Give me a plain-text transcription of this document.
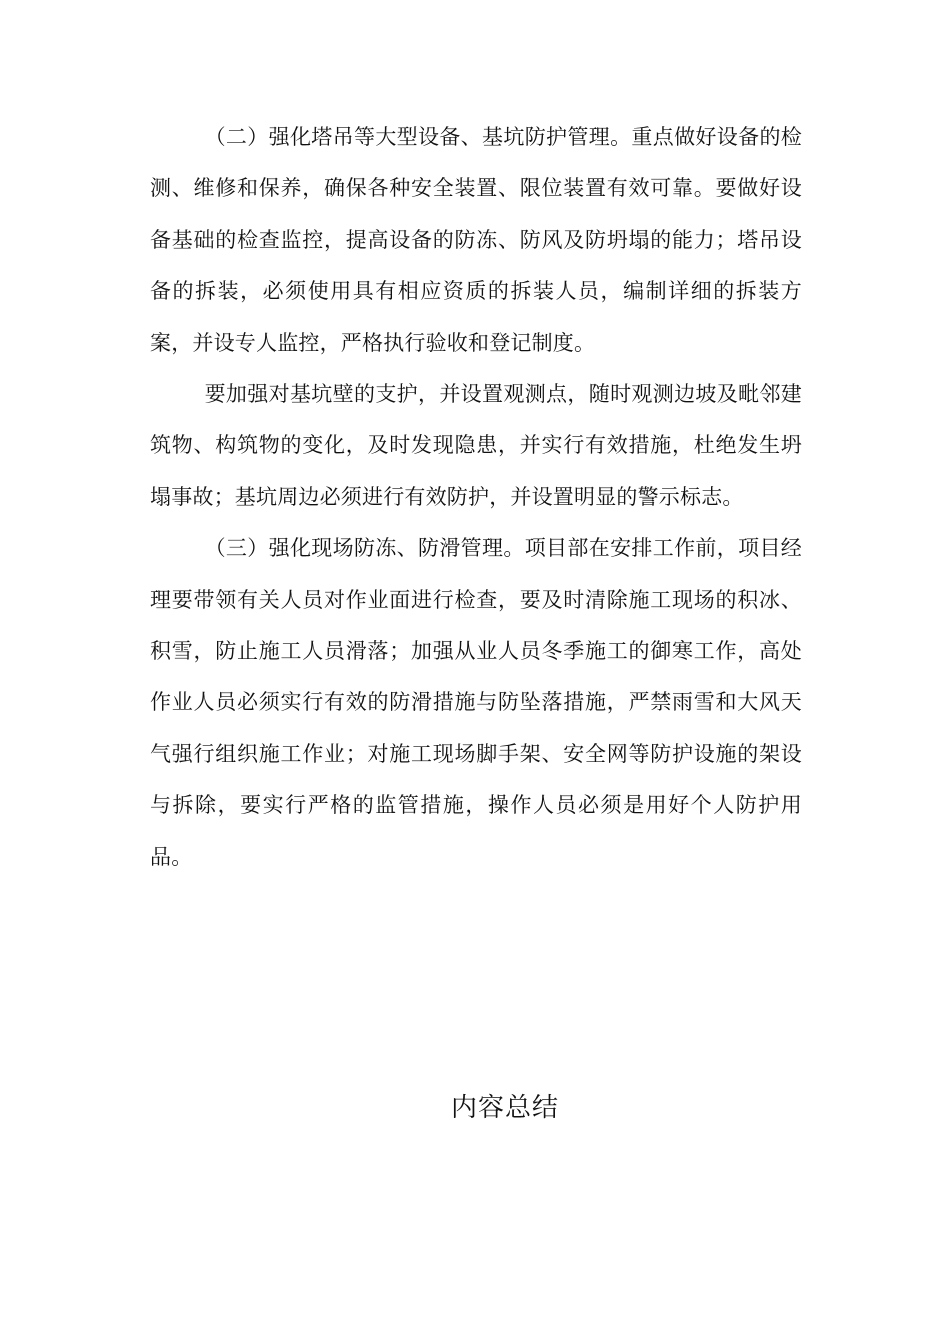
（二）强化塔吊等大型设备、基坑防护管理。重点做好设备的检测、维修和保养，确保各种安全装置、限位装置有效可靠。要做好设备基础的检查监控，提高设备的防冻、防风及防坍塌的能力；塔吊设备的拆装，必须使用具有相应资质的拆装人员，编制详细的拆装方案，并设专人监控，严格执行验收和登记制度。

要加强对基坑壁的支护，并设置观测点，随时观测边坡及毗邻建筑物、构筑物的变化，及时发现隐患，并实行有效措施，杜绝发生坍塌事故；基坑周边必须进行有效防护，并设置明显的警示标志。

（三）强化现场防冻、防滑管理。项目部在安排工作前，项目经理要带领有关人员对作业面进行检查，要及时清除施工现场的积冰、积雪，防止施工人员滑落；加强从业人员冬季施工的御寒工作，高处作业人员必须实行有效的防滑措施与防坠落措施，严禁雨雪和大风天气强行组织施工作业；对施工现场脚手架、安全网等防护设施的架设与拆除，要实行严格的监管措施，操作人员必须是用好个人防护用品。

内容总结
